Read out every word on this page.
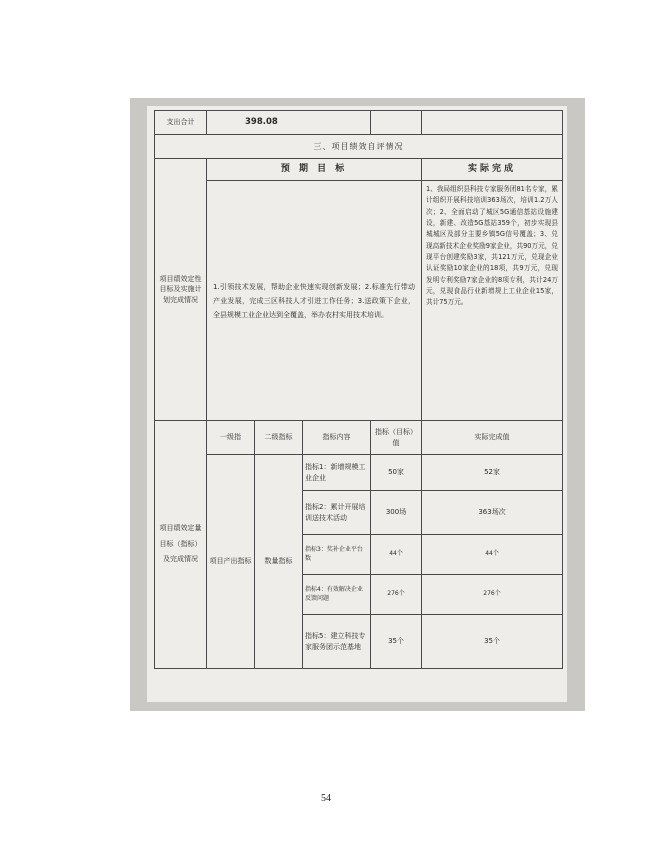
支出合计	398.08				
三、项目绩效自评情况					
项目绩效定性目标及实施计划完成情况	预 期 目 标				实际完成
	1.引领技术发展，帮助企业快速实现创新发展；2.标准先行带动产业发展，完成三区科技人才引进工作任务；3.送政策下企业，全县规模工业企业达到全覆盖，举办农村实用技术培训。				1、我局组织县科技专家服务团81名专家，累计组织开展科技培训363场次，培训1.2万人次；2、全面启动了城区5G通信基站设施建设，新建、改造5G基站359个，初步实现县城城区及部分主要乡镇5G信号覆盖；3、兑现高新技术企业奖励9家企业，共90万元，兑现平台创建奖励3家，共121万元，兑现企业认证奖励10家企业的18项，共9万元，兑现发明专利奖励7家企业的8项专利，共计24万元，兑现食品行业新增规上工业企业15家，共计75万元。
项目绩效定量目标（指标）及完成情况	一级指	二级指标	指标内容	指标（目标）值	实际完成值
	项目产出指标	数量指标	指标1：新增规模工业企业	50家	52家
			指标2：累计开展培训送技术活动	300场	363场次
			指标3：奖补企业平台数	44个	44个
			指标4：有效解决企业反馈问题	276个	276个
			指标5：建立科技专家服务团示范基地	35个	35个
54
